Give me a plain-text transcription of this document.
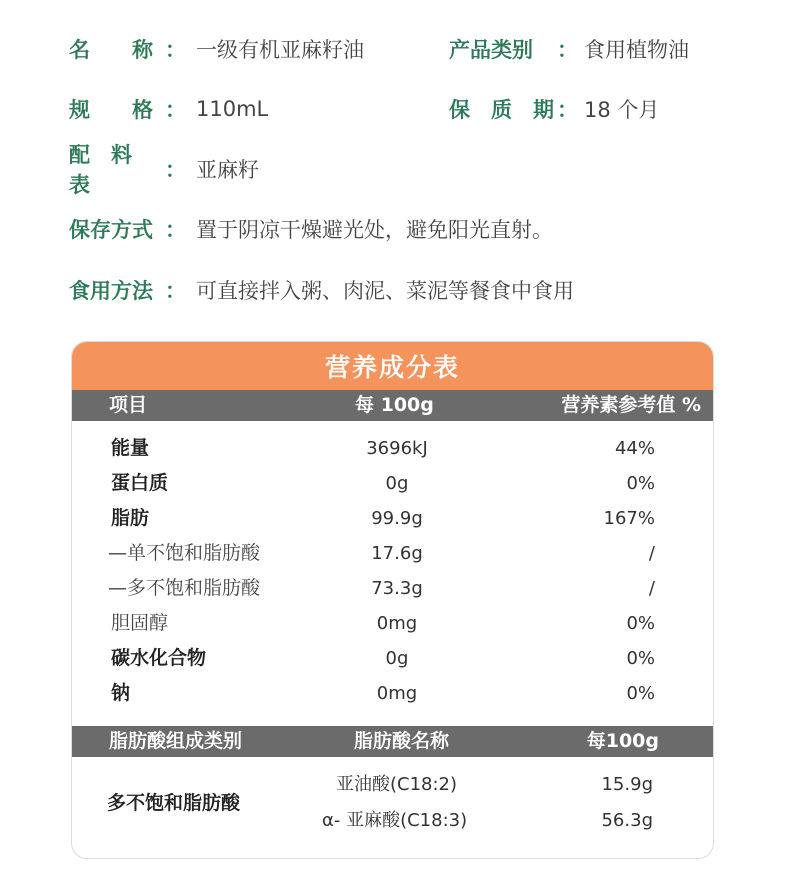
名　　称 ： 一级有机亚麻籽油	产品类别	： 食用植物油
规　　格 ： 110mL	保　质　期 ： 18 个月
配　料　表
： 亚麻籽
保存方式 ： 置于阴凉干燥避光处，避免阳光直射。
食用方法 ： 可直接拌入粥、肉泥、菜泥等餐食中食用
营养成分表
项目	每 100g	营养素参考值 %
能量	3696kJ	44%
蛋白质	0g	0%
脂肪	99.9g	167%
—单不饱和脂肪酸	17.6g	/
—多不饱和脂肪酸	73.3g	/
胆固醇	0mg	0%
碳水化合物	0g	0%
钠	0mg	0%
脂肪酸组成类别	脂肪酸名称	每100g
多不饱和脂肪酸
亚油酸(C18:2)	15.9g
α- 亚麻酸(C18:3)	56.3g
